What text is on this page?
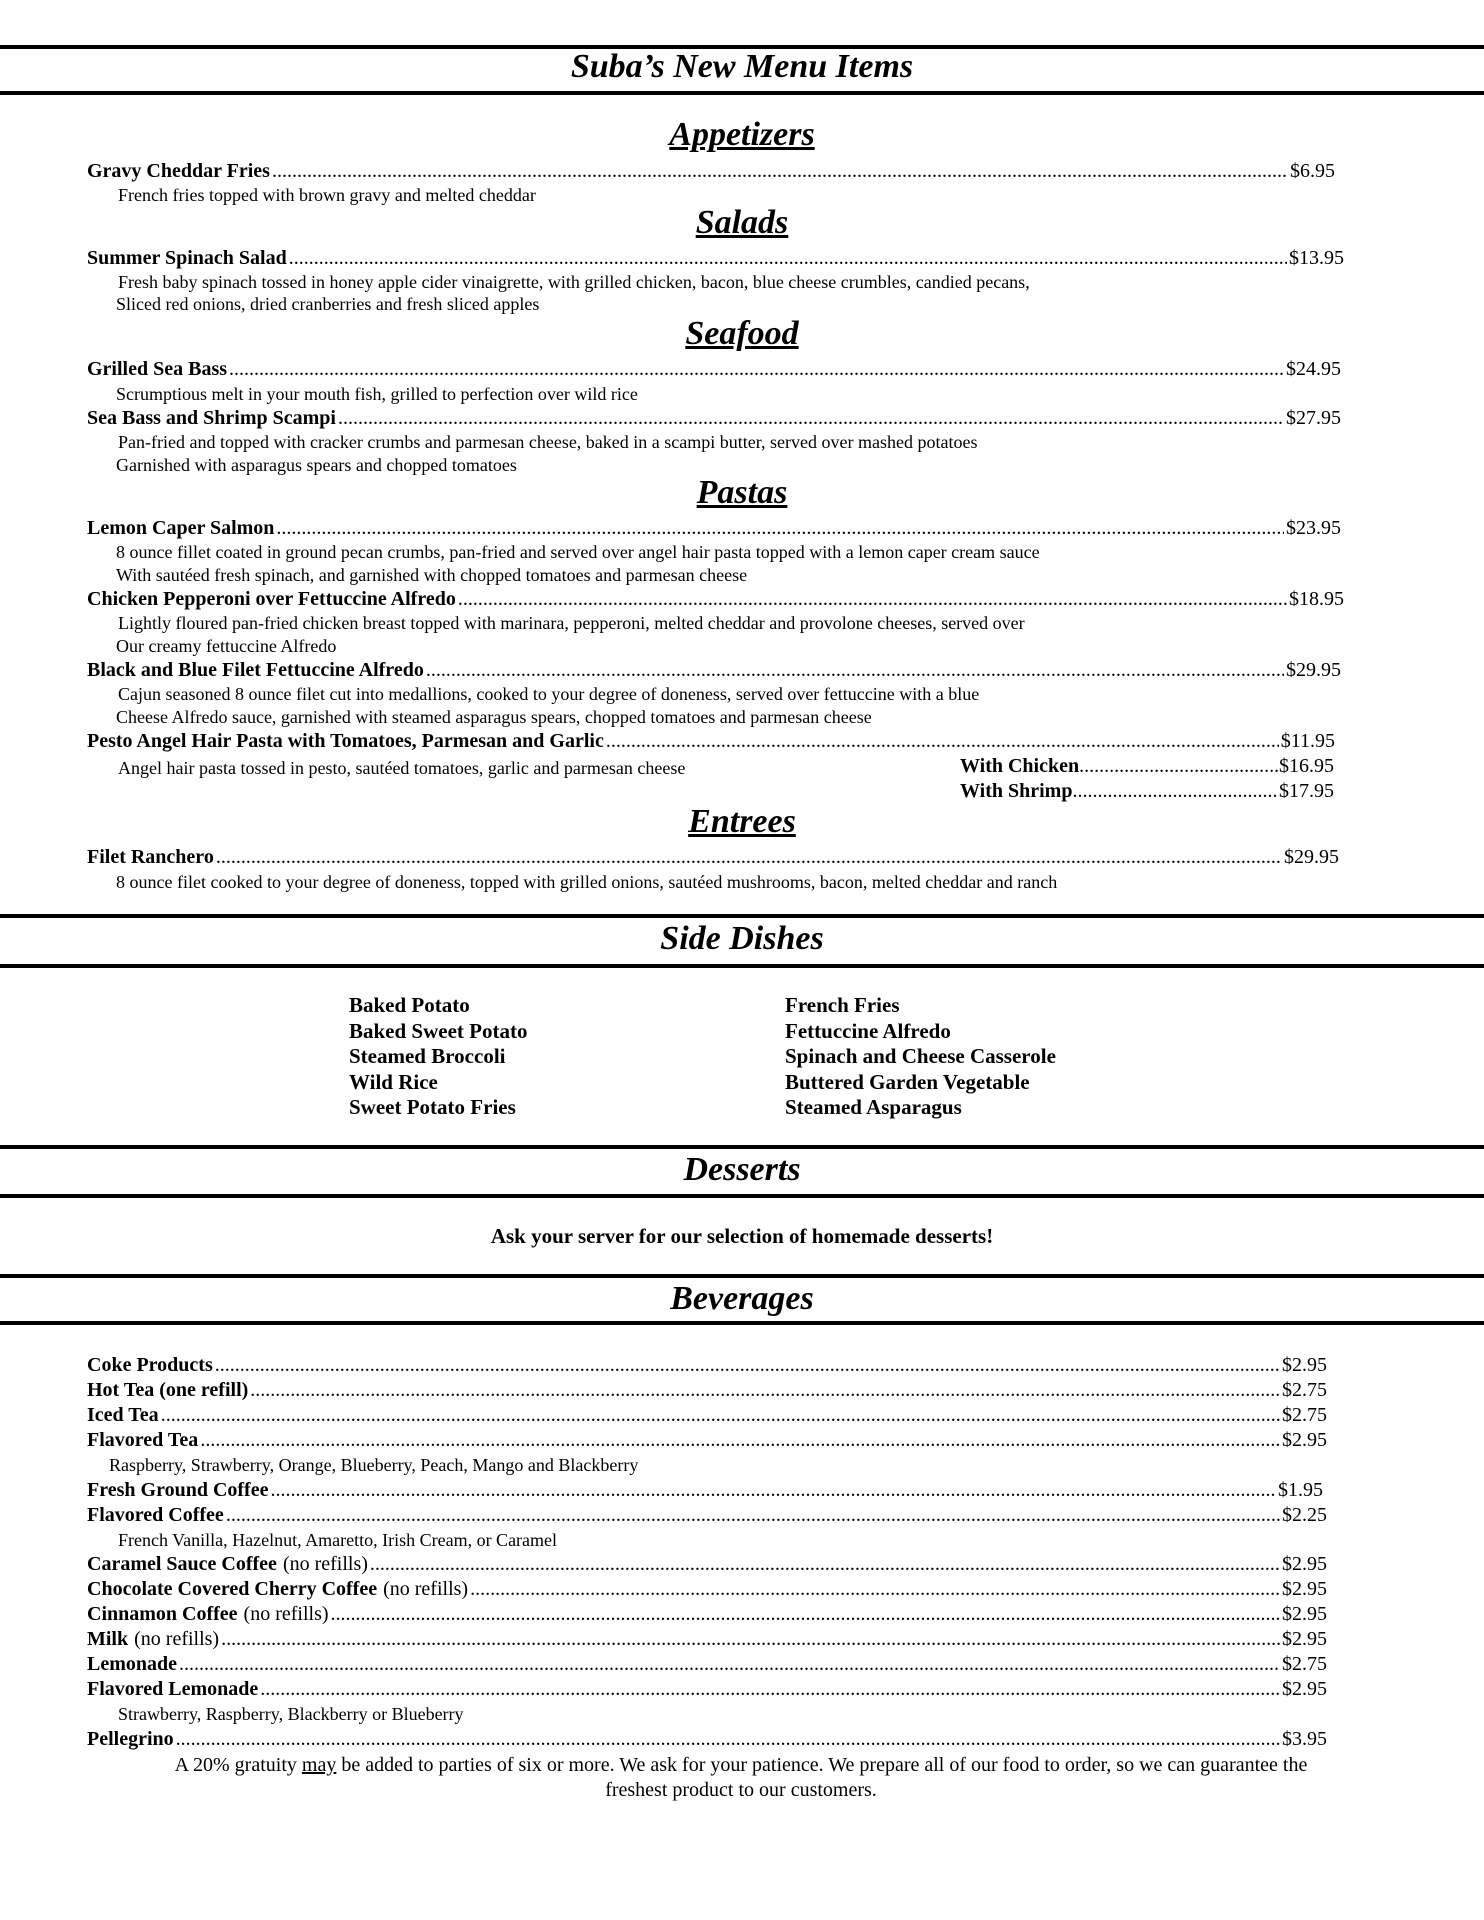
Suba’s New Menu Items
Appetizers
Gravy Cheddar Fries .....	$6.95
French fries topped with brown gravy and melted cheddar
Salads
Summer Spinach Salad .....	$13.95
Fresh baby spinach tossed in honey apple cider vinaigrette, with grilled chicken, bacon, blue cheese crumbles, candied pecans,
Sliced red onions, dried cranberries and fresh sliced apples
Seafood
Grilled Sea Bass .....	$24.95
Scrumptious melt in your mouth fish, grilled to perfection over wild rice
Sea Bass and Shrimp Scampi .....	$27.95
Pan-fried and topped with cracker crumbs and parmesan cheese, baked in a scampi butter, served over mashed potatoes
Garnished with asparagus spears and chopped tomatoes
Pastas
Lemon Caper Salmon .....	$23.95
8 ounce fillet coated in ground pecan crumbs, pan-fried and served over angel hair pasta topped with a lemon caper cream sauce
With sautéed fresh spinach, and garnished with chopped tomatoes and parmesan cheese
Chicken Pepperoni over Fettuccine Alfredo .....	$18.95
Lightly floured pan-fried chicken breast topped with marinara, pepperoni, melted cheddar and provolone cheeses, served over
Our creamy fettuccine Alfredo
Black and Blue Filet Fettuccine Alfredo .....	$29.95
Cajun seasoned 8 ounce filet cut into medallions, cooked to your degree of doneness, served over fettuccine with a blue
Cheese Alfredo sauce, garnished with steamed asparagus spears, chopped tomatoes and parmesan cheese
Pesto Angel Hair Pasta with Tomatoes, Parmesan and Garlic .....	$11.95
Angel hair pasta tossed in pesto, sautéed tomatoes, garlic and parmesan cheese	With Chicken .....	$16.95
With Shrimp .....	$17.95
Entrees
Filet Ranchero .....	$29.95
8 ounce filet cooked to your degree of doneness, topped with grilled onions, sautéed mushrooms, bacon, melted cheddar and ranch
Side Dishes
Baked Potato
Baked Sweet Potato
Steamed Broccoli
Wild Rice
Sweet Potato Fries
French Fries
Fettuccine Alfredo
Spinach and Cheese Casserole
Buttered Garden Vegetable
Steamed Asparagus
Desserts
Ask your server for our selection of homemade desserts!
Beverages
Coke Products .....	$2.95
Hot Tea (one refill) .....	$2.75
Iced Tea .....	$2.75
Flavored Tea .....	$2.95
Raspberry, Strawberry, Orange, Blueberry, Peach, Mango and Blackberry
Fresh Ground Coffee .....	$1.95
Flavored Coffee .....	$2.25
French Vanilla, Hazelnut, Amaretto, Irish Cream, or Caramel
Caramel Sauce Coffee (no refills) .....	$2.95
Chocolate Covered Cherry Coffee (no refills) .....	$2.95
Cinnamon Coffee (no refills) .....	$2.95
Milk (no refills) .....	$2.95
Lemonade .....	$2.75
Flavored Lemonade .....	$2.95
Strawberry, Raspberry, Blackberry or Blueberry
Pellegrino .....	$3.95
A 20% gratuity may be added to parties of six or more. We ask for your patience. We prepare all of our food to order, so we can guarantee the freshest product to our customers.
